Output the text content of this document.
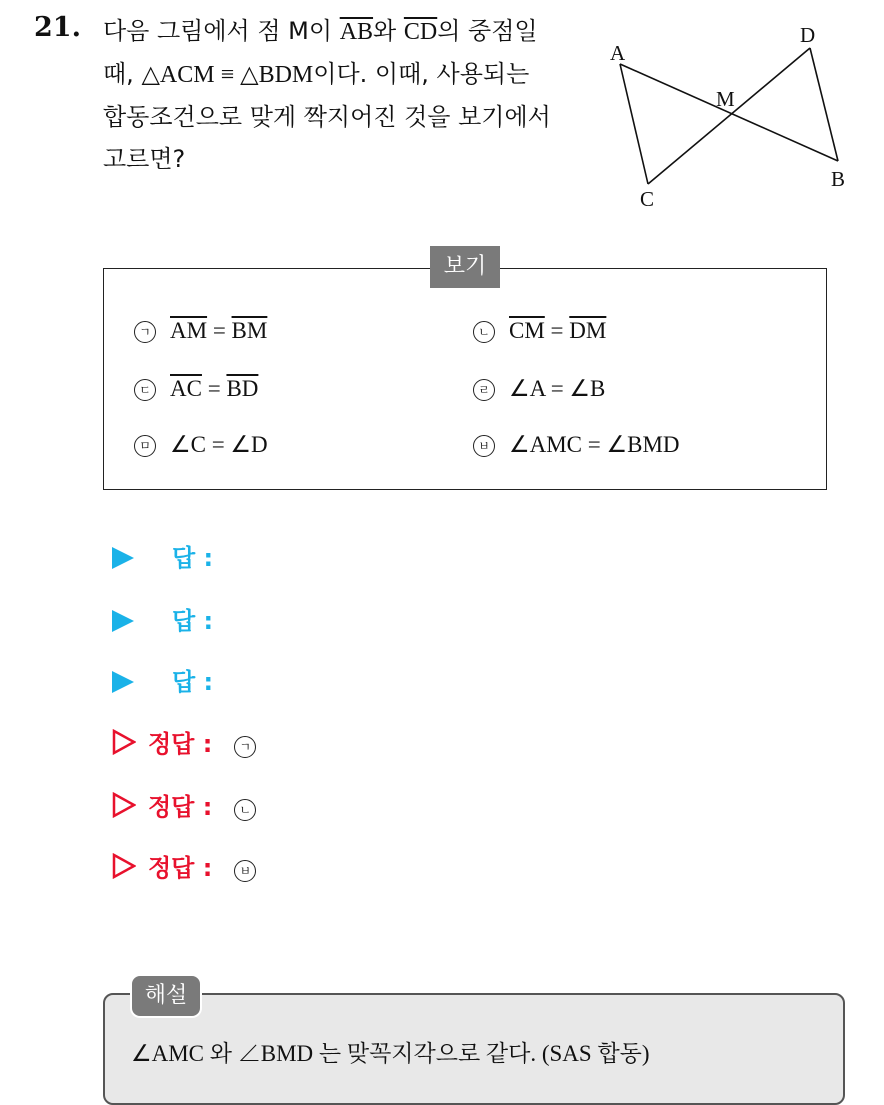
21. 다음 그림에서 점 M이 $\overline{AB}$와 $\overline{CD}$의 중점일
때, △ACM ≡ △BDM이다. 이때, 사용되는
합동조건으로 맞게 짝지어진 것을 보기에서
고르면?
A
B
C
D
M
보기
ㄱ $\overline{AM} = \overline{BM}$	ㄴ $\overline{CM} = \overline{DM}$
ㄷ $\overline{AC} = \overline{BD}$	ㄹ ∠A = ∠B
ㅁ ∠C = ∠D	ㅂ ∠AMC = ∠BMD
답 :
답 :
답 :
정답 : ㄱ
정답 : ㄴ
정답 : ㅂ
해설
∠AMC 와 ∠BMD 는 맞꼭지각으로 같다. (SAS 합동)
